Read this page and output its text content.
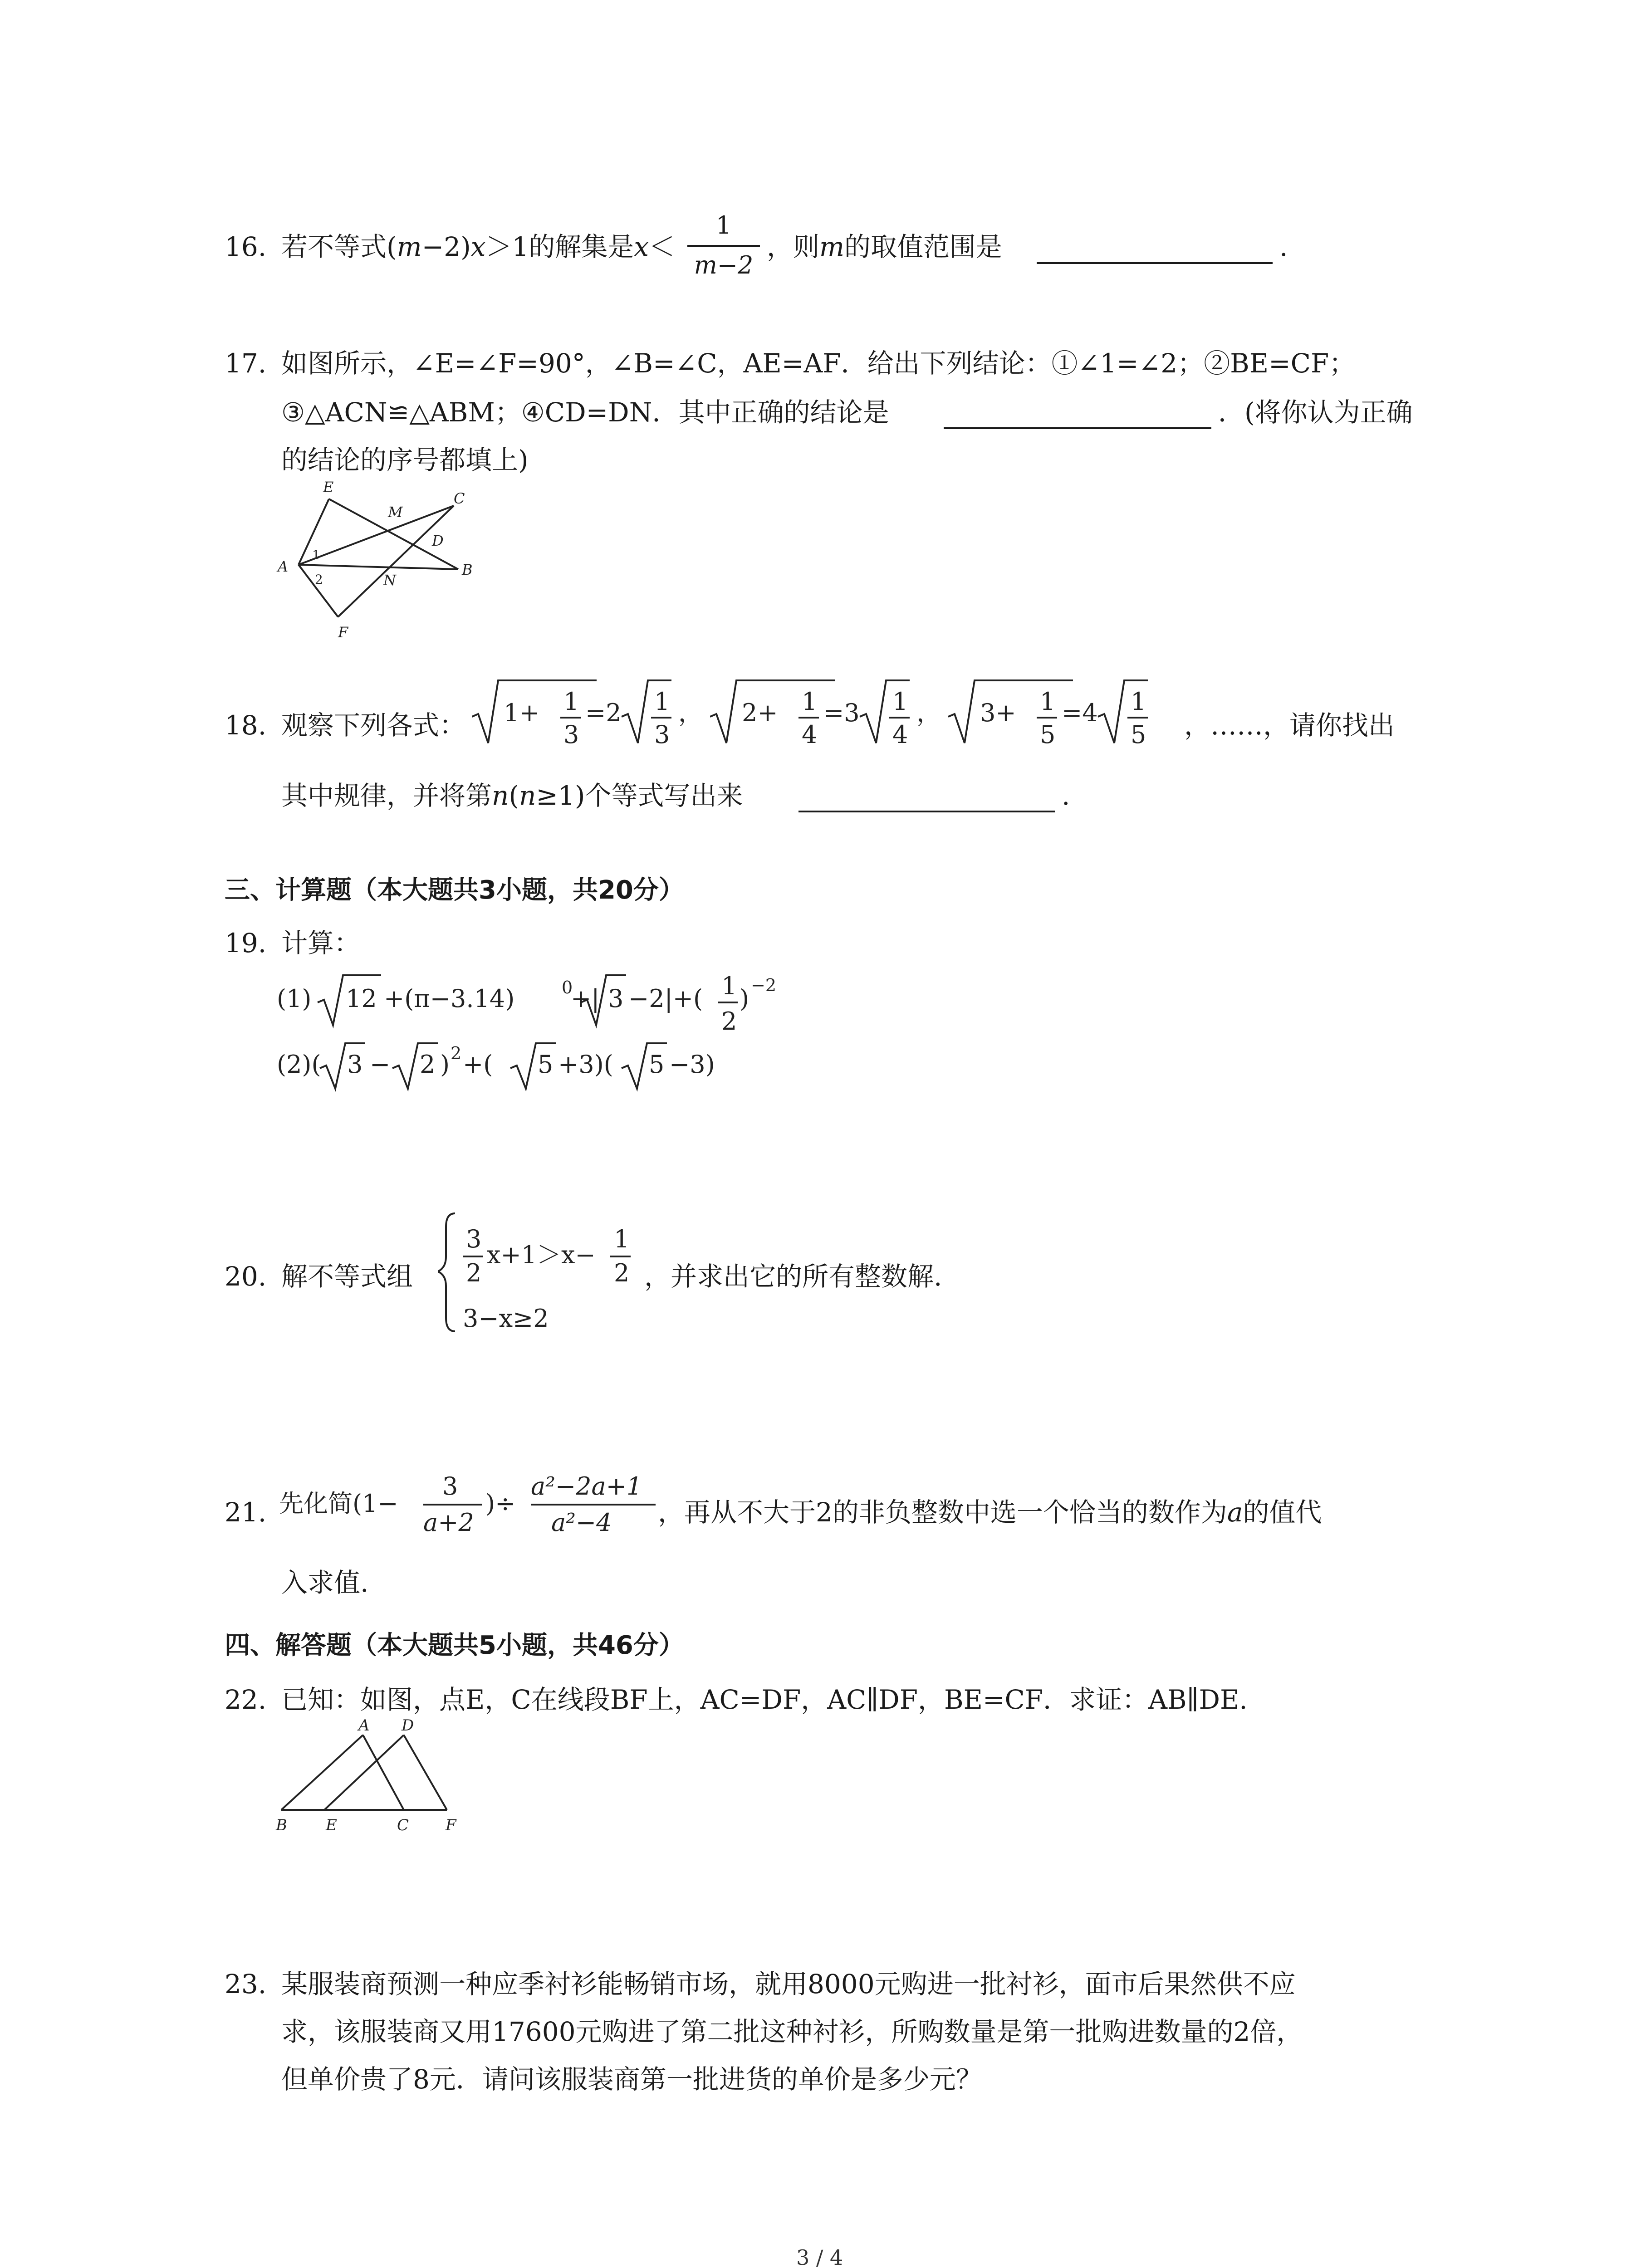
16. 若不等式(m−2)x＞1的解集是x＜
1
m−2
，则m的取值范围是	.
17. 如图所示，∠E=∠F=90°，∠B=∠C，AE=AF．给出下列结论：①∠1=∠2；②BE=CF；
③△ACN≌△ABM；④CD=DN．其中正确的结论是	．(将你认为正确
的结论的序号都填上)
E
M
C
D
A	B
N
F
1
2
18. 观察下列各式： 1+ 1
3
=2 1
3
， 2+ 1
4
=3 1
4
， 3+ 1
5
=4 1
5 ，……，请你找出
其中规律，并将第n(n≥1)个等式写出来	.
三、计算题（本大题共3小题，共20分）
19. 计算：
(1) 12 +(π−3.14)	0
+| 3 −2|+( 1
2
) −2
(2)( 3 − 2 ) 2 +( 5 +3)( 5 −3)
20. 解不等式组
3
2
x+1＞x−
1
2
3−x≥2
，并求出它的所有整数解.
21. 先化简(1−
3
a+2
)÷
a²−2a+1
a²−4 ，再从不大于2的非负整数中选一个恰当的数作为a的值代
入求值.
四、解答题（本大题共5小题，共46分）
22. 已知：如图，点E，C在线段BF上，AC=DF，AC∥DF，BE=CF．求证：AB∥DE.
A D
B	E	C F
23. 某服装商预测一种应季衬衫能畅销市场，就用8000元购进一批衬衫，面市后果然供不应
求，该服装商又用17600元购进了第二批这种衬衫，所购数量是第一批购进数量的2倍，
但单价贵了8元．请问该服装商第一批进货的单价是多少元？
3 / 4
